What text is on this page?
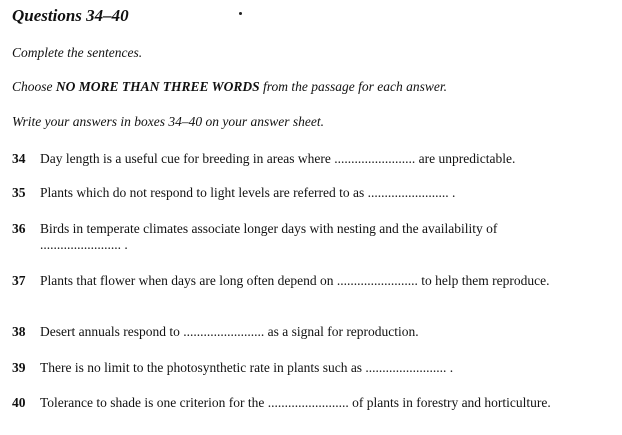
Questions 34–40

Complete the sentences.

Choose NO MORE THAN THREE WORDS from the passage for each answer.

Write your answers in boxes 34–40 on your answer sheet.

34 Day length is a useful cue for breeding in areas where ........................ are unpredictable.
35 Plants which do not respond to light levels are referred to as ........................ .
36 Birds in temperate climates associate longer days with nesting and the availability of ........................ .
37 Plants that flower when days are long often depend on ........................ to help them reproduce.
38 Desert annuals respond to ........................ as a signal for reproduction.
39 There is no limit to the photosynthetic rate in plants such as ........................ .
40 Tolerance to shade is one criterion for the ........................ of plants in forestry and horticulture.
